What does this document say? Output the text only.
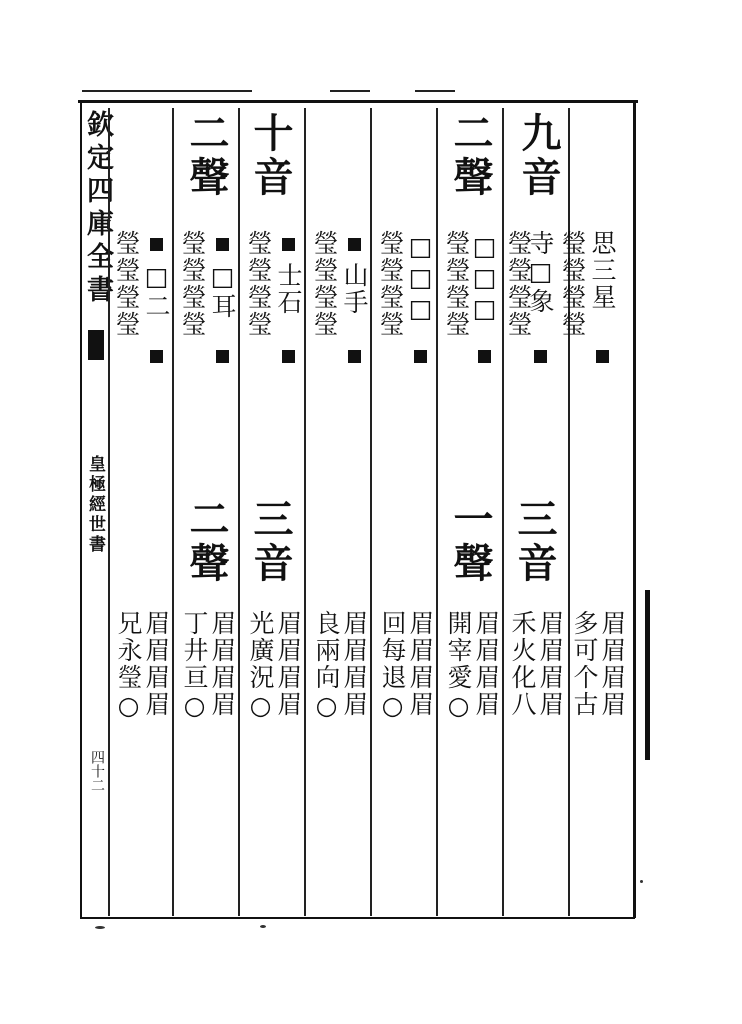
欽定四庫全書
皇極經世書
四十二
九音
思三星
瑩瑩瑩瑩
眉眉眉眉
多可个古
寺□象
瑩瑩瑩瑩
三音
眉眉眉眉
禾火化八
二聲
□□□
瑩瑩瑩瑩
一聲
眉眉眉眉
開宰愛○
□□□
瑩瑩瑩瑩
眉眉眉眉
回每退○
山手
瑩瑩瑩瑩
眉眉眉眉
良兩向○
十音
士石
瑩瑩瑩瑩
三音
眉眉眉眉
光廣況○
二聲
□耳
瑩瑩瑩瑩
二聲
眉眉眉眉
丁井亘○
□二
瑩瑩瑩瑩
眉眉眉眉
兄永瑩○
